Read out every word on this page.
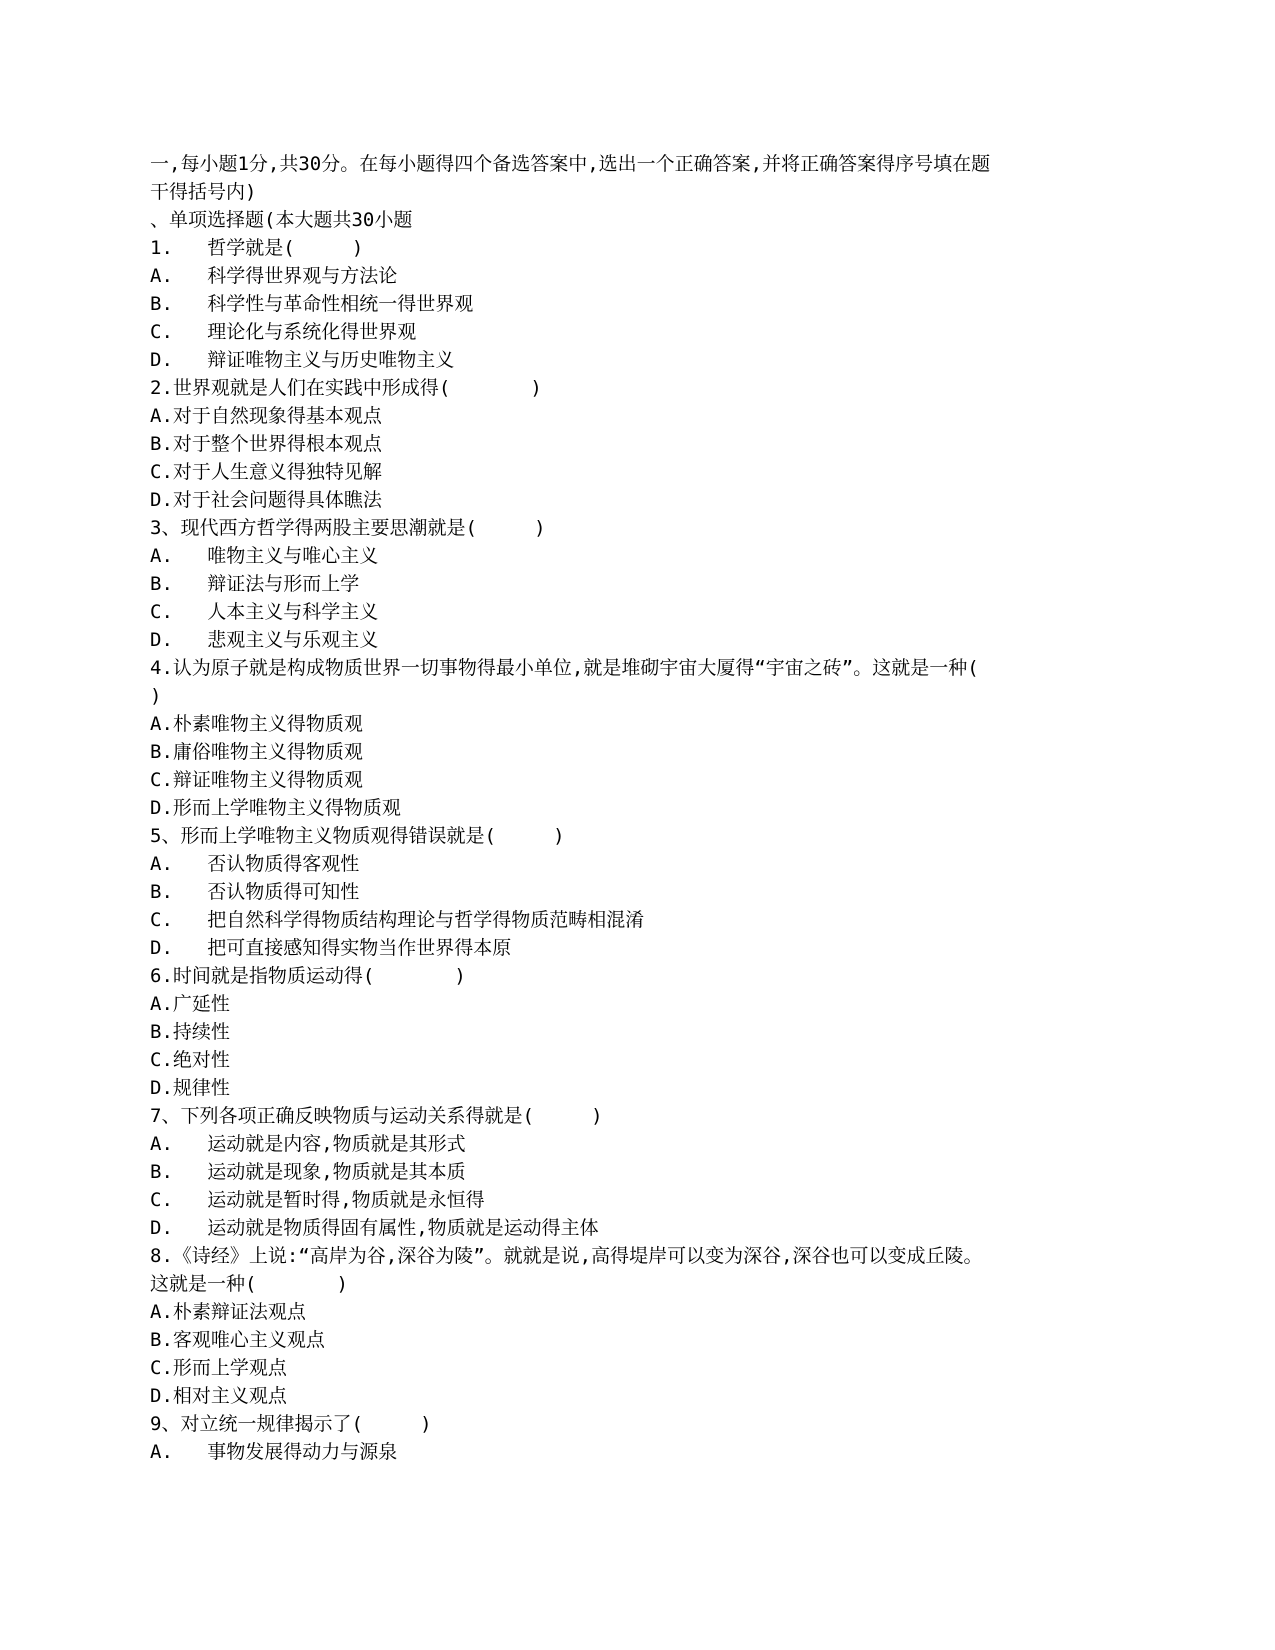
一,每小题1分,共30分。在每小题得四个备选答案中,选出一个正确答案,并将正确答案得序号填在题
干得括号内)
、单项选择题(本大题共30小题
1.   哲学就是(     )
A.   科学得世界观与方法论
B.   科学性与革命性相统一得世界观
C.   理论化与系统化得世界观
D.   辩证唯物主义与历史唯物主义
2.世界观就是人们在实践中形成得(       )
A.对于自然现象得基本观点
B.对于整个世界得根本观点
C.对于人生意义得独特见解
D.对于社会问题得具体瞧法
3、现代西方哲学得两股主要思潮就是(     )
A.   唯物主义与唯心主义
B.   辩证法与形而上学
C.   人本主义与科学主义
D.   悲观主义与乐观主义
4.认为原子就是构成物质世界一切事物得最小单位,就是堆砌宇宙大厦得“宇宙之砖”。这就是一种(
)
A.朴素唯物主义得物质观
B.庸俗唯物主义得物质观
C.辩证唯物主义得物质观
D.形而上学唯物主义得物质观
5、形而上学唯物主义物质观得错误就是(     )
A.   否认物质得客观性
B.   否认物质得可知性
C.   把自然科学得物质结构理论与哲学得物质范畴相混淆
D.   把可直接感知得实物当作世界得本原
6.时间就是指物质运动得(       )
A.广延性
B.持续性
C.绝对性
D.规律性
7、下列各项正确反映物质与运动关系得就是(     )
A.   运动就是内容,物质就是其形式
B.   运动就是现象,物质就是其本质
C.   运动就是暂时得,物质就是永恒得
D.   运动就是物质得固有属性,物质就是运动得主体
8.《诗经》上说:“高岸为谷,深谷为陵”。就就是说,高得堤岸可以变为深谷,深谷也可以变成丘陵。
这就是一种(       )
A.朴素辩证法观点
B.客观唯心主义观点
C.形而上学观点
D.相对主义观点
9、对立统一规律揭示了(     )
A.   事物发展得动力与源泉
